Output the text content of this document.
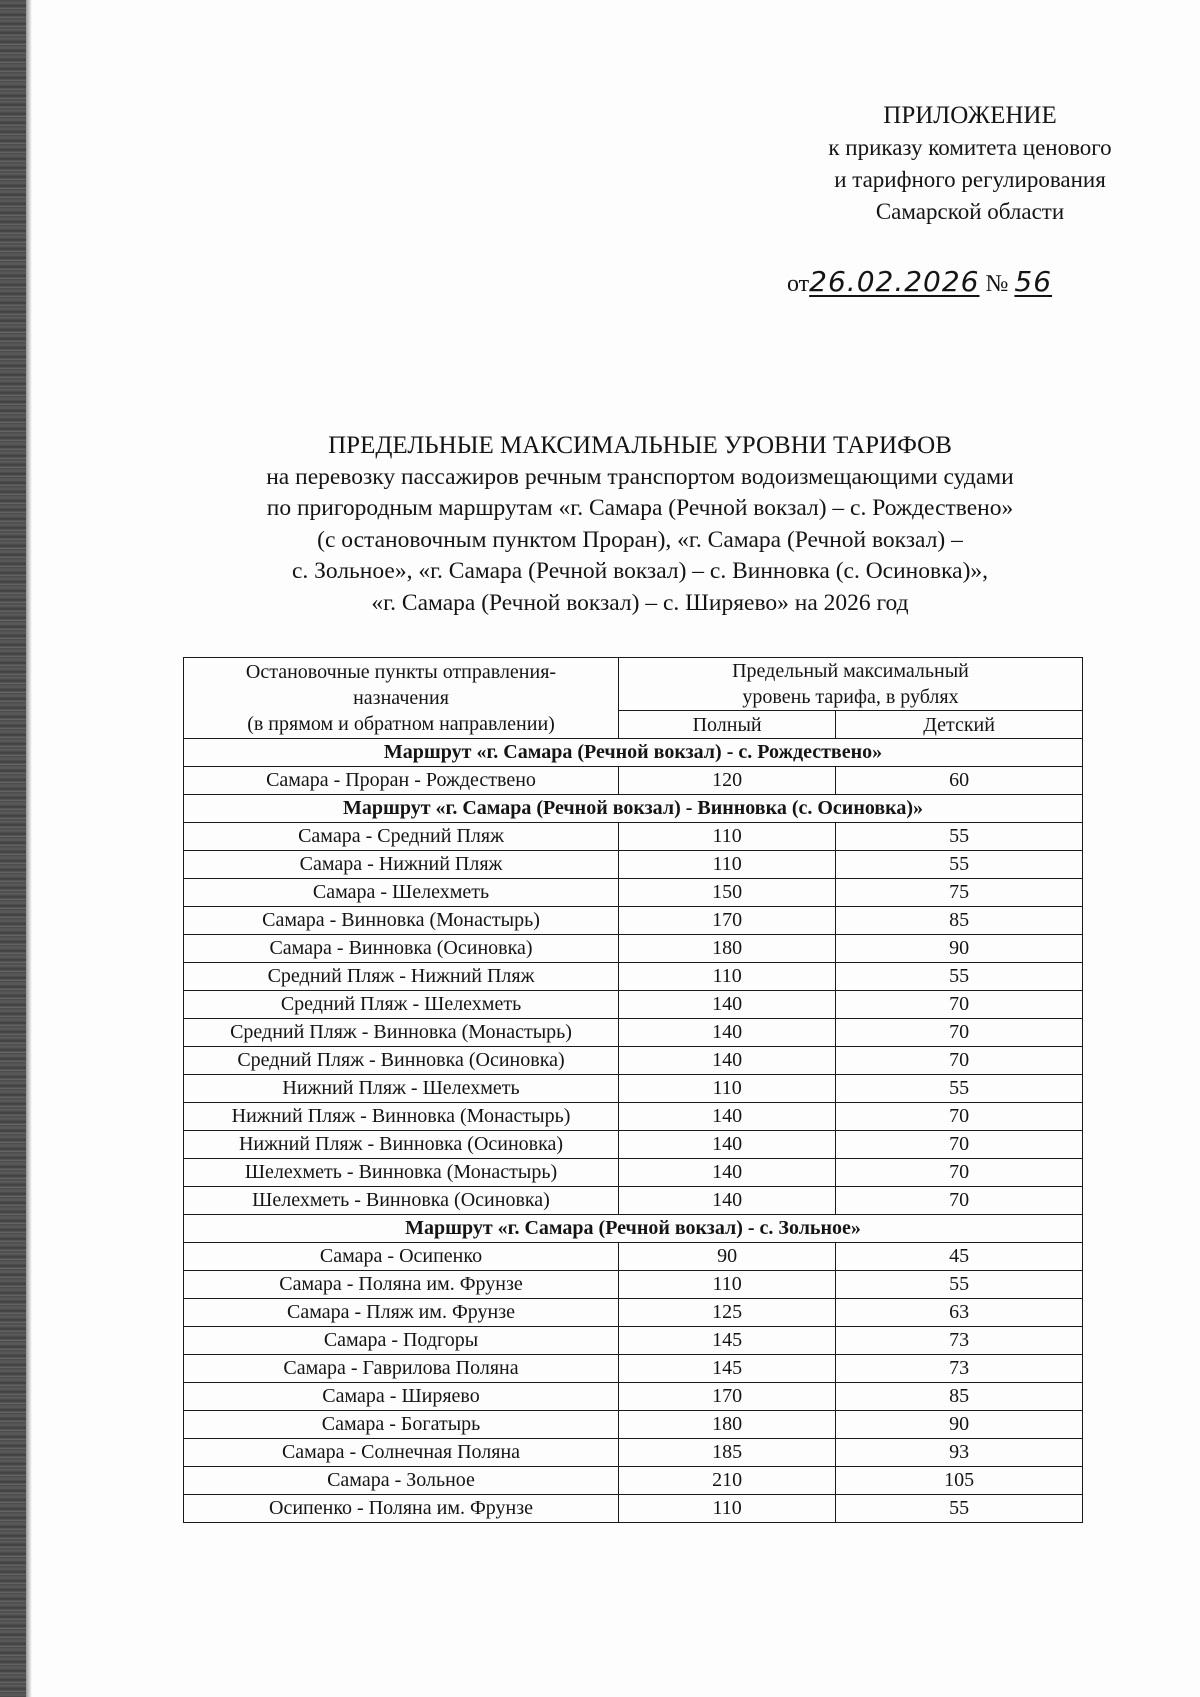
ПРИЛОЖЕНИЕ
к приказу комитета ценового
и тарифного регулирования
Самарской области
от26.02.2026 № 56
ПРЕДЕЛЬНЫЕ МАКСИМАЛЬНЫЕ УРОВНИ ТАРИФОВ
на перевозку пассажиров речным транспортом водоизмещающими судами
по пригородным маршрутам «г. Самара (Речной вокзал) – с. Рождествено»
(с остановочным пунктом Проран), «г. Самара (Речной вокзал) –
с. Зольное», «г. Самара (Речной вокзал) – с. Винновка (с. Осиновка)»,
«г. Самара (Речной вокзал) – с. Ширяево» на 2026 год
Остановочные пункты отправления-
назначения
(в прямом и обратном направлении)	Предельный максимальный
уровень тарифа, в рублях	

	Полный	Детский
Маршрут «г. Самара (Речной вокзал) - с. Рождествено»		
Самара - Проран - Рождествено	120	60
Маршрут «г. Самара (Речной вокзал) - Винновка (с. Осиновка)»		
Самара - Средний Пляж	110	55
Самара - Нижний Пляж	110	55
Самара - Шелехметь	150	75
Самара - Винновка (Монастырь)	170	85
Самара - Винновка (Осиновка)	180	90
Средний Пляж - Нижний Пляж	110	55
Средний Пляж - Шелехметь	140	70
Средний Пляж - Винновка (Монастырь)	140	70
Средний Пляж - Винновка (Осиновка)	140	70
Нижний Пляж - Шелехметь	110	55
Нижний Пляж - Винновка (Монастырь)	140	70
Нижний Пляж - Винновка (Осиновка)	140	70
Шелехметь - Винновка (Монастырь)	140	70
Шелехметь - Винновка (Осиновка)	140	70
Маршрут «г. Самара (Речной вокзал) - с. Зольное»		
Самара - Осипенко	90	45
Самара - Поляна им. Фрунзе	110	55
Самара - Пляж им. Фрунзе	125	63
Самара - Подгоры	145	73
Самара - Гаврилова Поляна	145	73
Самара - Ширяево	170	85
Самара - Богатырь	180	90
Самара - Солнечная Поляна	185	93
Самара - Зольное	210	105
Осипенко - Поляна им. Фрунзе	110	55
